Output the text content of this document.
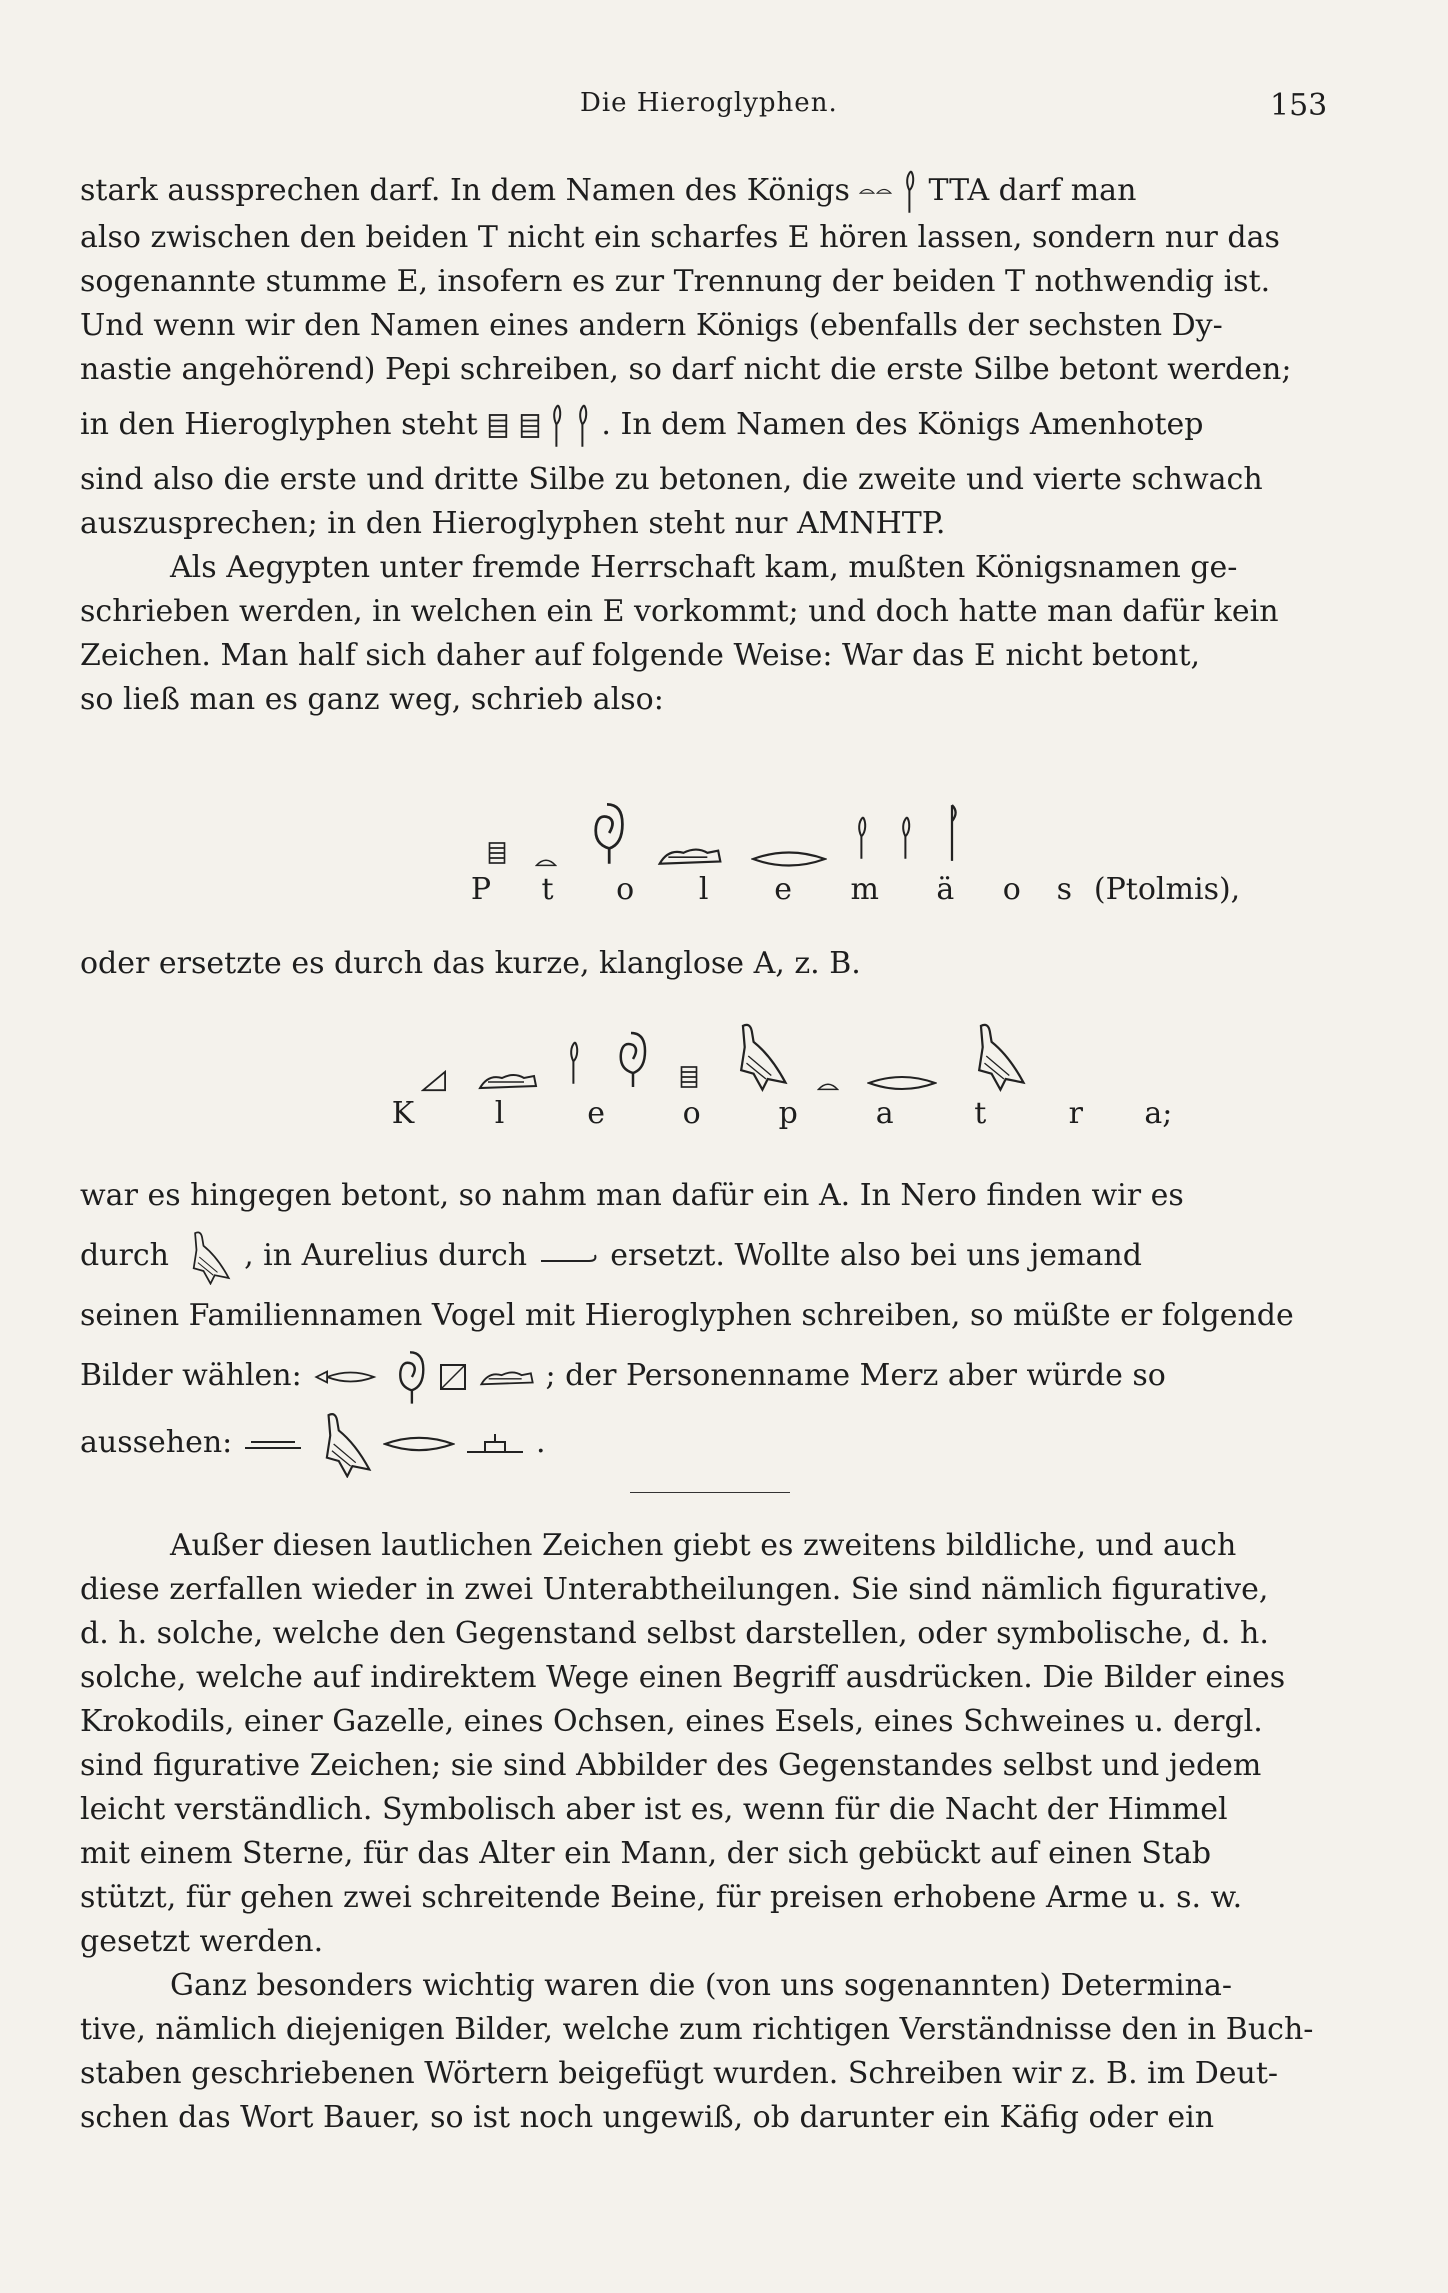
Die Hieroglyphen.	153

stark aussprechen darf. In dem Namen des Königs	TTA darf man

also zwischen den beiden T nicht ein scharfes E hören lassen, sondern nur das

sogenannte stumme E, insofern es zur Trennung der beiden T nothwendig ist.

Und wenn wir den Namen eines andern Königs (ebenfalls der sechsten Dy-

nastie angehörend) Pepi schreiben, so darf nicht die erste Silbe betont werden;

in den Hieroglyphen steht	. In dem Namen des Königs Amenhotep

sind also die erste und dritte Silbe zu betonen, die zweite und vierte schwach

auszusprechen; in den Hieroglyphen steht nur AMNHTP.

Als Aegypten unter fremde Herrschaft kam, mußten Königsnamen ge-

schrieben werden, in welchen ein E vorkommt; und doch hatte man dafür kein

Zeichen. Man half sich daher auf folgende Weise: War das E nicht betont,

so ließ man es ganz weg, schrieb also:

P t o l e m ä o s (Ptolmis),

oder ersetzte es durch das kurze, klanglose A, z. B.

K	l	e	o	p	a	t	r a;

war es hingegen betont, so nahm man dafür ein A. In Nero finden wir es

durch	, in Aurelius durch	ersetzt. Wollte also bei uns jemand

seinen Familiennamen Vogel mit Hieroglyphen schreiben, so müßte er folgende

Bilder wählen:	; der Personenname Merz aber würde so

aussehen:	.

Außer diesen lautlichen Zeichen giebt es zweitens bildliche, und auch

diese zerfallen wieder in zwei Unterabtheilungen. Sie sind nämlich figurative,

d. h. solche, welche den Gegenstand selbst darstellen, oder symbolische, d. h.

solche, welche auf indirektem Wege einen Begriff ausdrücken. Die Bilder eines

Krokodils, einer Gazelle, eines Ochsen, eines Esels, eines Schweines u. dergl.

sind figurative Zeichen; sie sind Abbilder des Gegenstandes selbst und jedem

leicht verständlich. Symbolisch aber ist es, wenn für die Nacht der Himmel

mit einem Sterne, für das Alter ein Mann, der sich gebückt auf einen Stab

stützt, für gehen zwei schreitende Beine, für preisen erhobene Arme u. s. w.

gesetzt werden.

Ganz besonders wichtig waren die (von uns sogenannten) Determina-

tive, nämlich diejenigen Bilder, welche zum richtigen Verständnisse den in Buch-

staben geschriebenen Wörtern beigefügt wurden. Schreiben wir z. B. im Deut-

schen das Wort Bauer, so ist noch ungewiß, ob darunter ein Käfig oder ein
